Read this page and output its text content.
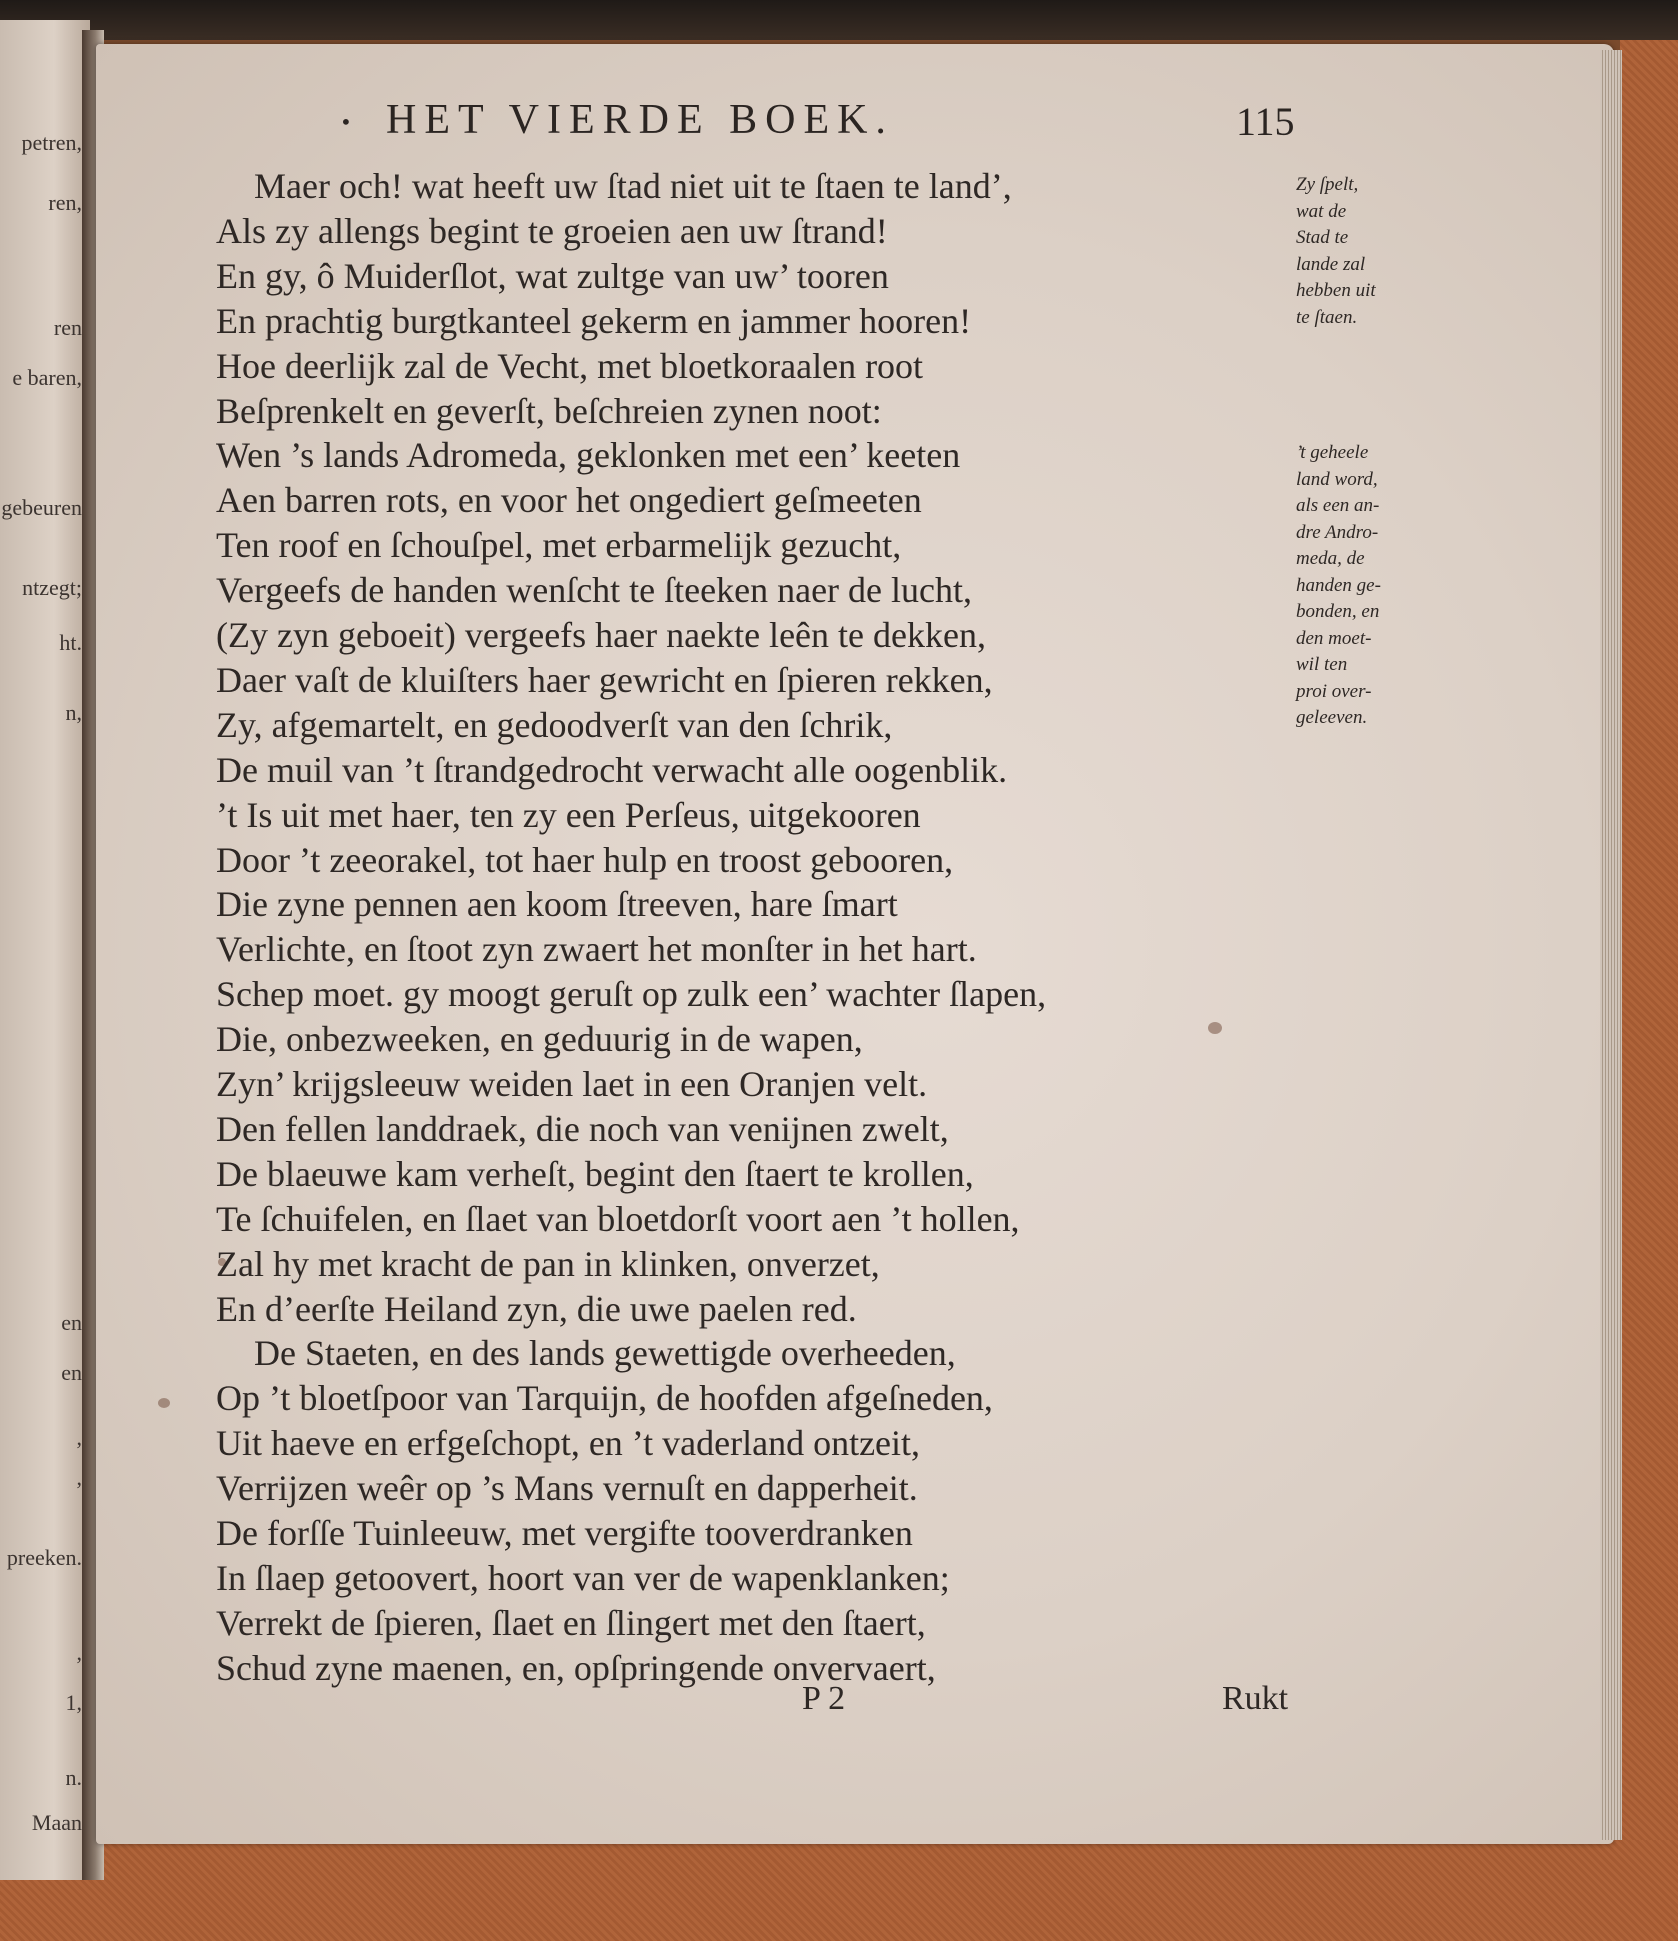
petren,
ren,
ren
e baren,
gebeuren
ntzegt;
ht.
n,
en
en
,
,
preeken.
,
1,
n.
Maan
• HET VIERDE BOEK.	115
Maer och! wat heeft uw ſtad niet uit te ſtaen te land’,
Als zy allengs begint te groeien aen uw ſtrand!
En gy, ô Muiderſlot, wat zultge van uw’ tooren
En prachtig burgtkanteel gekerm en jammer hooren!
Hoe deerlijk zal de Vecht, met bloetkoraalen root
Beſprenkelt en geverſt, beſchreien zynen noot:
Wen ’s lands Adromeda, geklonken met een’ keeten
Aen barren rots, en voor het ongediert geſmeeten
Ten roof en ſchouſpel, met erbarmelijk gezucht,
Vergeefs de handen wenſcht te ſteeken naer de lucht,
(Zy zyn geboeit) vergeefs haer naekte leên te dekken,
Daer vaſt de kluiſters haer gewricht en ſpieren rekken,
Zy, afgemartelt, en gedoodverſt van den ſchrik,
De muil van ’t ſtrandgedrocht verwacht alle oogenblik.
’t Is uit met haer, ten zy een Perſeus, uitgekooren
Door ’t zeeorakel, tot haer hulp en troost gebooren,
Die zyne pennen aen koom ſtreeven, hare ſmart
Verlichte, en ſtoot zyn zwaert het monſter in het hart.
Schep moet. gy moogt geruſt op zulk een’ wachter ſlapen,
Die, onbezweeken, en geduurig in de wapen,
Zyn’ krijgsleeuw weiden laet in een Oranjen velt.
Den fellen landdraek, die noch van venijnen zwelt,
De blaeuwe kam verheſt, begint den ſtaert te krollen,
Te ſchuifelen, en ſlaet van bloetdorſt voort aen ’t hollen,
Zal hy met kracht de pan in klinken, onverzet,
En d’eerſte Heiland zyn, die uwe paelen red.
De Staeten, en des lands gewettigde overheeden,
Op ’t bloetſpoor van Tarquijn, de hoofden afgeſneden,
Uit haeve en erfgeſchopt, en ’t vaderland ontzeit,
Verrijzen weêr op ’s Mans vernuſt en dapperheit.
De forſſe Tuinleeuw, met vergifte tooverdranken
In ſlaep getoovert, hoort van ver de wapenklanken;
Verrekt de ſpieren, ſlaet en ſlingert met den ſtaert,
Schud zyne maenen, en, opſpringende onvervaert,
Zy ſpelt,
wat de
Stad te
lande zal
hebben uit
te ſtaen.
’t geheele
land word,
als een an-
dre Andro-
meda, de
handen ge-
bonden, en
den moet-
wil ten
proi over-
geleeven.
P 2	Rukt
